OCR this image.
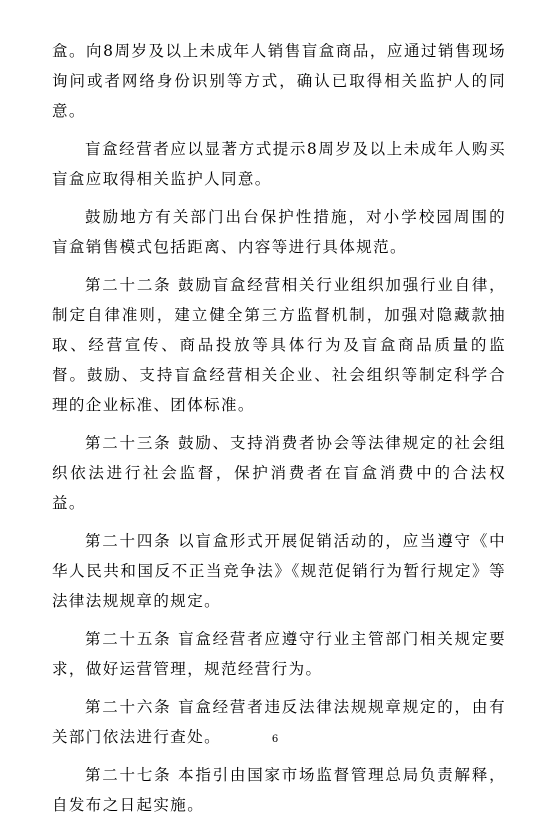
盒。向8周岁及以上未成年人销售盲盒商品，应通过销售现场询问或者网络身份识别等方式，确认已取得相关监护人的同意。

盲盒经营者应以显著方式提示8周岁及以上未成年人购买盲盒应取得相关监护人同意。

鼓励地方有关部门出台保护性措施，对小学校园周围的盲盒销售模式包括距离、内容等进行具体规范。

第二十二条 鼓励盲盒经营相关行业组织加强行业自律，制定自律准则，建立健全第三方监督机制，加强对隐藏款抽取、经营宣传、商品投放等具体行为及盲盒商品质量的监督。鼓励、支持盲盒经营相关企业、社会组织等制定科学合理的企业标准、团体标准。

第二十三条 鼓励、支持消费者协会等法律规定的社会组织依法进行社会监督，保护消费者在盲盒消费中的合法权益。

第二十四条 以盲盒形式开展促销活动的，应当遵守《中华人民共和国反不正当竞争法》《规范促销行为暂行规定》等法律法规规章的规定。

第二十五条 盲盒经营者应遵守行业主管部门相关规定要求，做好运营管理，规范经营行为。

第二十六条 盲盒经营者违反法律法规规章规定的，由有关部门依法进行查处。

第二十七条 本指引由国家市场监督管理总局负责解释，自发布之日起实施。

6
